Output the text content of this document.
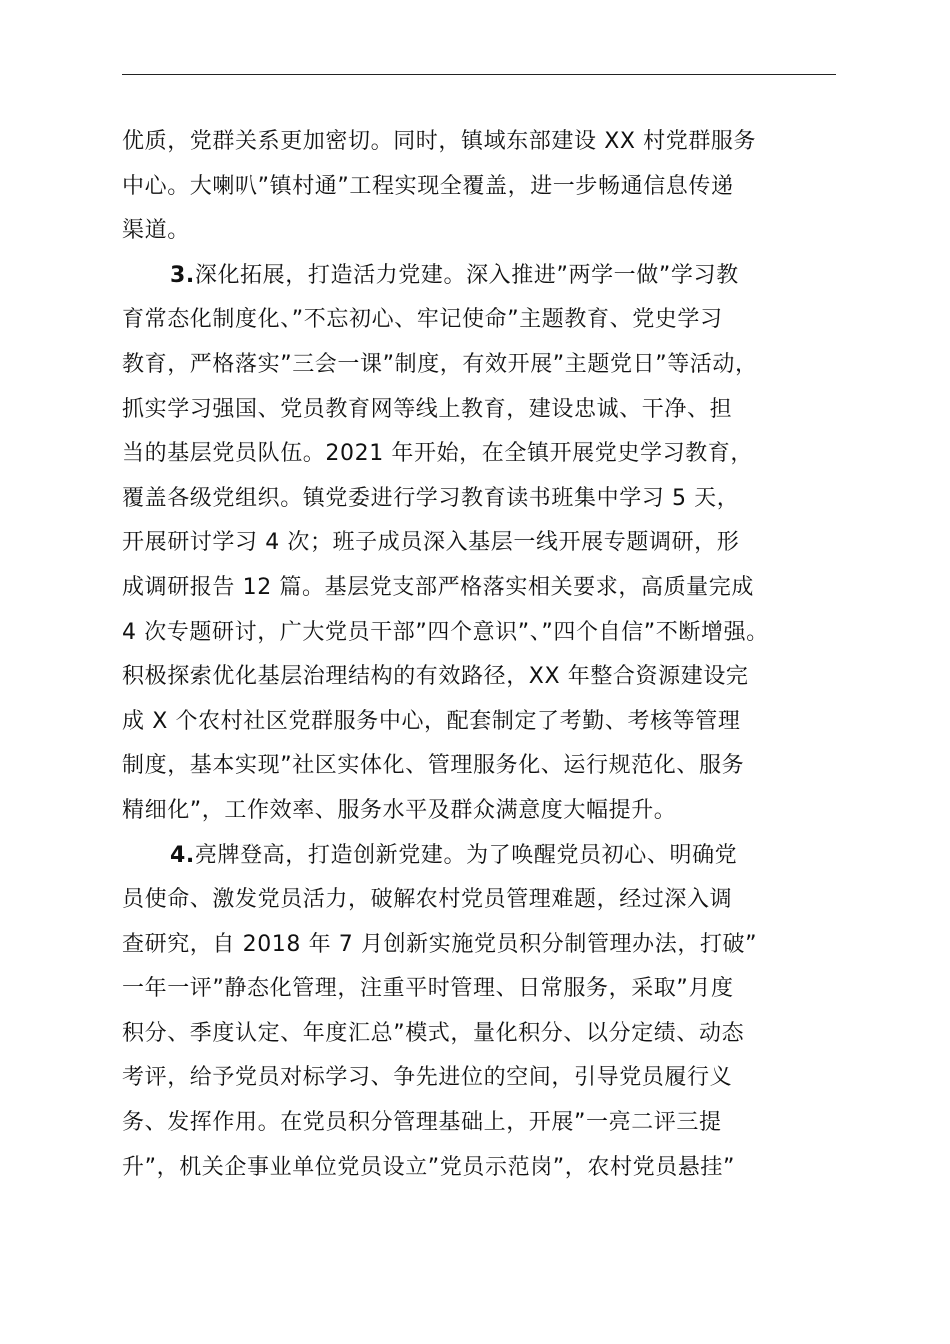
优质，党群关系更加密切。同时，镇域东部建设 XX 村党群服务
中心。大喇叭”镇村通”工程实现全覆盖，进一步畅通信息传递
渠道。
3.深化拓展，打造活力党建。深入推进”两学一做”学习教
育常态化制度化、”不忘初心、牢记使命”主题教育、党史学习
教育，严格落实”三会一课”制度，有效开展”主题党日”等活动，
抓实学习强国、党员教育网等线上教育，建设忠诚、干净、担
当的基层党员队伍。2021 年开始，在全镇开展党史学习教育，
覆盖各级党组织。镇党委进行学习教育读书班集中学习 5 天，
开展研讨学习 4 次；班子成员深入基层一线开展专题调研，形
成调研报告 12 篇。基层党支部严格落实相关要求，高质量完成
4 次专题研讨，广大党员干部”四个意识”、”四个自信”不断增强。
积极探索优化基层治理结构的有效路径，XX 年整合资源建设完
成 X 个农村社区党群服务中心，配套制定了考勤、考核等管理
制度，基本实现”社区实体化、管理服务化、运行规范化、服务
精细化”，工作效率、服务水平及群众满意度大幅提升。
4.亮牌登高，打造创新党建。为了唤醒党员初心、明确党
员使命、激发党员活力，破解农村党员管理难题，经过深入调
查研究，自 2018 年 7 月创新实施党员积分制管理办法，打破”
一年一评”静态化管理，注重平时管理、日常服务，采取”月度
积分、季度认定、年度汇总”模式，量化积分、以分定绩、动态
考评，给予党员对标学习、争先进位的空间，引导党员履行义
务、发挥作用。在党员积分管理基础上，开展”一亮二评三提
升”，机关企事业单位党员设立”党员示范岗”，农村党员悬挂”
